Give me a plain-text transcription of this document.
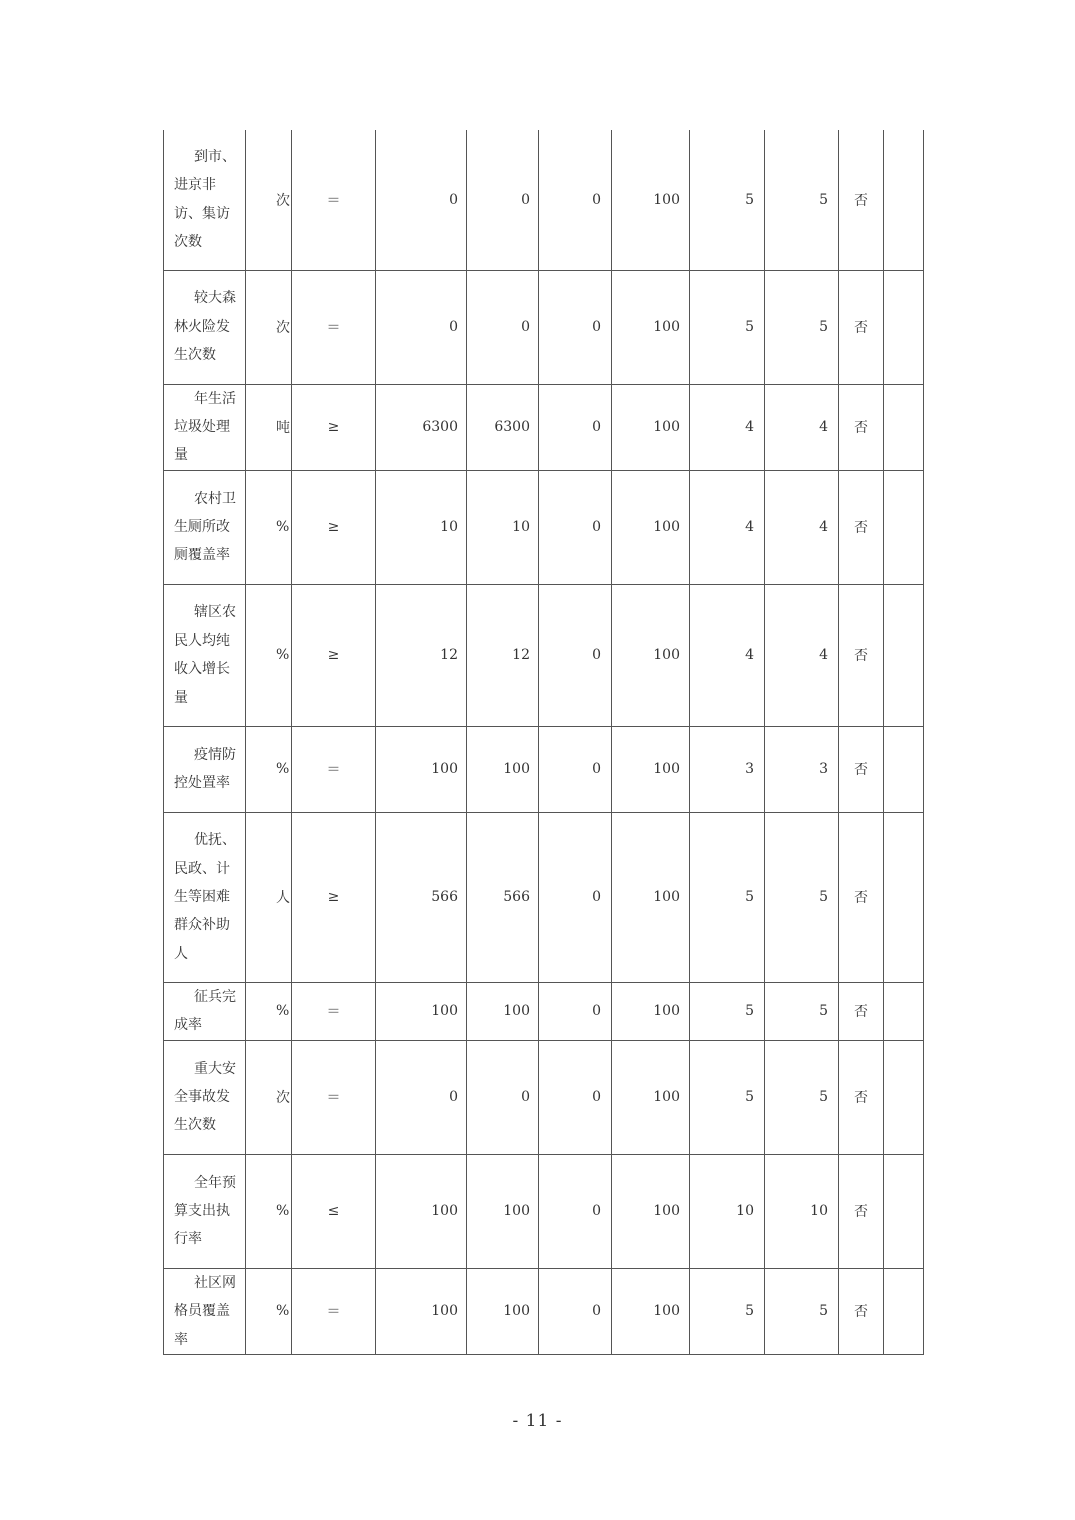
到市、进京非访、集访次数	次	＝	0	0	0	100	5	5	否	
较大森林火险发生次数	次	＝	0	0	0	100	5	5	否	
年生活垃圾处理量	吨	≥	6300	6300	0	100	4	4	否	
农村卫生厕所改厕覆盖率	%	≥	10	10	0	100	4	4	否	
辖区农民人均纯收入增长量	%	≥	12	12	0	100	4	4	否	
疫情防控处置率	%	＝	100	100	0	100	3	3	否	
优抚、民政、计生等困难群众补助人	人	≥	566	566	0	100	5	5	否	
征兵完成率	%	＝	100	100	0	100	5	5	否	
重大安全事故发生次数	次	＝	0	0	0	100	5	5	否	
全年预算支出执行率	%	≤	100	100	0	100	10	10	否	
社区网格员覆盖率	%	＝	100	100	0	100	5	5	否	
- 11 -
